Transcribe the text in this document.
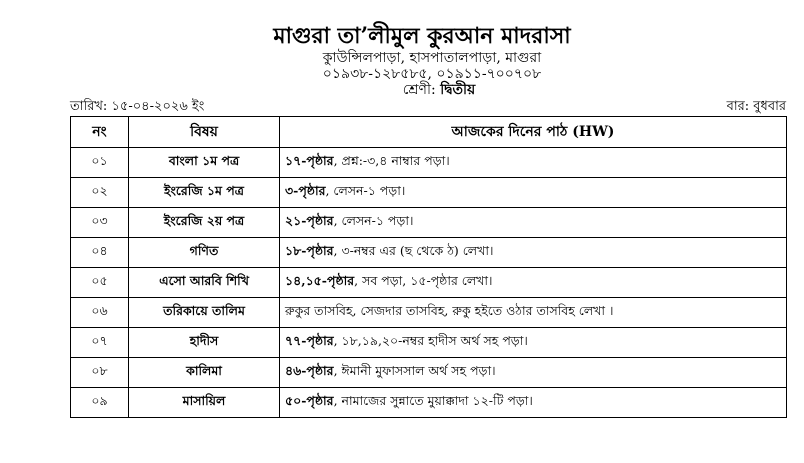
মাগুরা তা’লীমুল কুরআন মাদরাসা
কুাউন্সিলপাড়া, হাসপাতালপাড়া, মাগুরা
০১৯৩৮-১২৮৫৮৫, ০১৯১১-৭০০৭০৮
শ্রেণী: দ্বিতীয়
তারিখ: ১৫-০৪-২০২৬ ইং	বার: বুধবার
নং	বিষয়	আজকের দিনের পাঠ (HW)
০১	বাংলা ১ম পত্র	১৭-পৃষ্ঠার, প্রশ্ন:-৩,৪ নাম্বার পড়া।
০২	ইংরেজি ১ম পত্র	৩-পৃষ্ঠার, লেসন-১ পড়া।
০৩	ইংরেজি ২য় পত্র	২১-পৃষ্ঠার, লেসন-১ পড়া।
০৪	গণিত	১৮-পৃষ্ঠার, ৩-নম্বর এর (ছ থেকে ঠ) লেখা।
০৫	এসো আরবি শিখি	১৪,১৫-পৃষ্ঠার, সব পড়া, ১৫-পৃষ্ঠার লেখা।
০৬	তরিকায়ে তালিম	রুকুর তাসবিহ, সেজদার তাসবিহ, রুকু হইতে ওঠার তাসবিহ লেখা ।
০৭	হাদীস	৭৭-পৃষ্ঠার, ১৮,১৯,২০-নম্বর হাদীস অর্থ সহ পড়া।
০৮	কালিমা	৪৬-পৃষ্ঠার, ঈমানী মুফাসসাল অর্থ সহ পড়া।
০৯	মাসায়িল	৫০-পৃষ্ঠার, নামাজের সুন্নাতে মুয়াক্কাদা ১২-টি পড়া।
